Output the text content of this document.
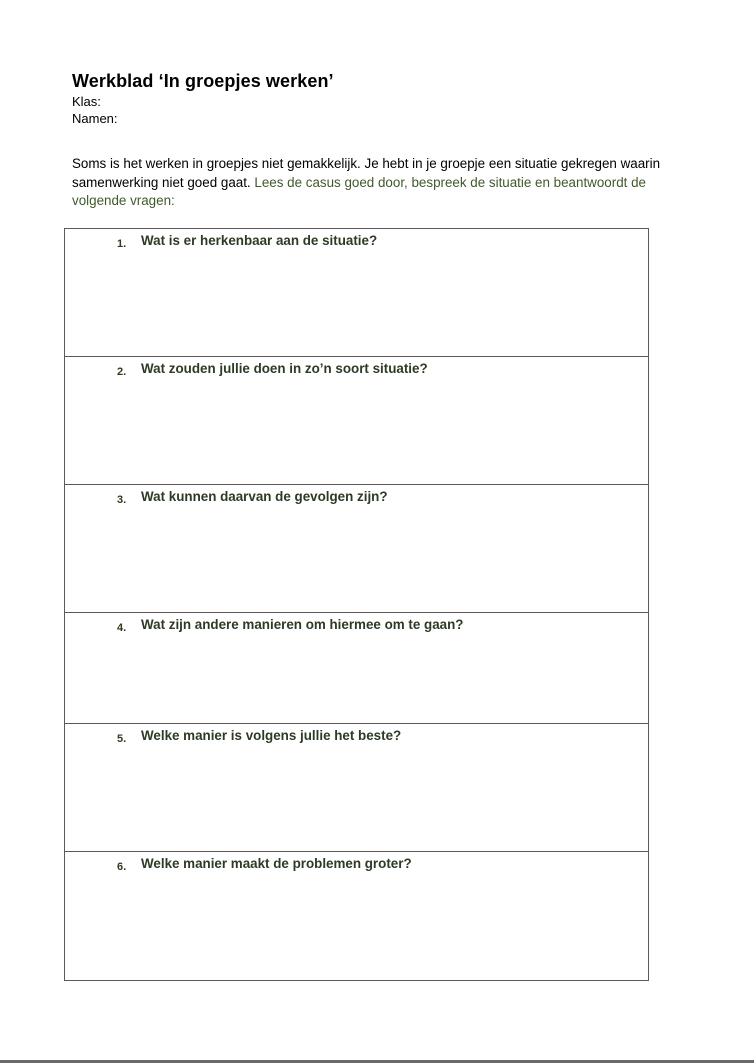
Werkblad ‘In groepjes werken’
Klas:
Namen:
Soms is het werken in groepjes niet gemakkelijk. Je hebt in je groepje een situatie gekregen waarin samenwerking niet goed gaat. Lees de casus goed door, bespreek de situatie en beantwoordt de volgende vragen:
1. Wat is er herkenbaar aan de situatie?
2. Wat zouden jullie doen in zo’n soort situatie?
3. Wat kunnen daarvan de gevolgen zijn?
4. Wat zijn andere manieren om hiermee om te gaan?
5. Welke manier is volgens jullie het beste?
6. Welke manier maakt de problemen groter?
